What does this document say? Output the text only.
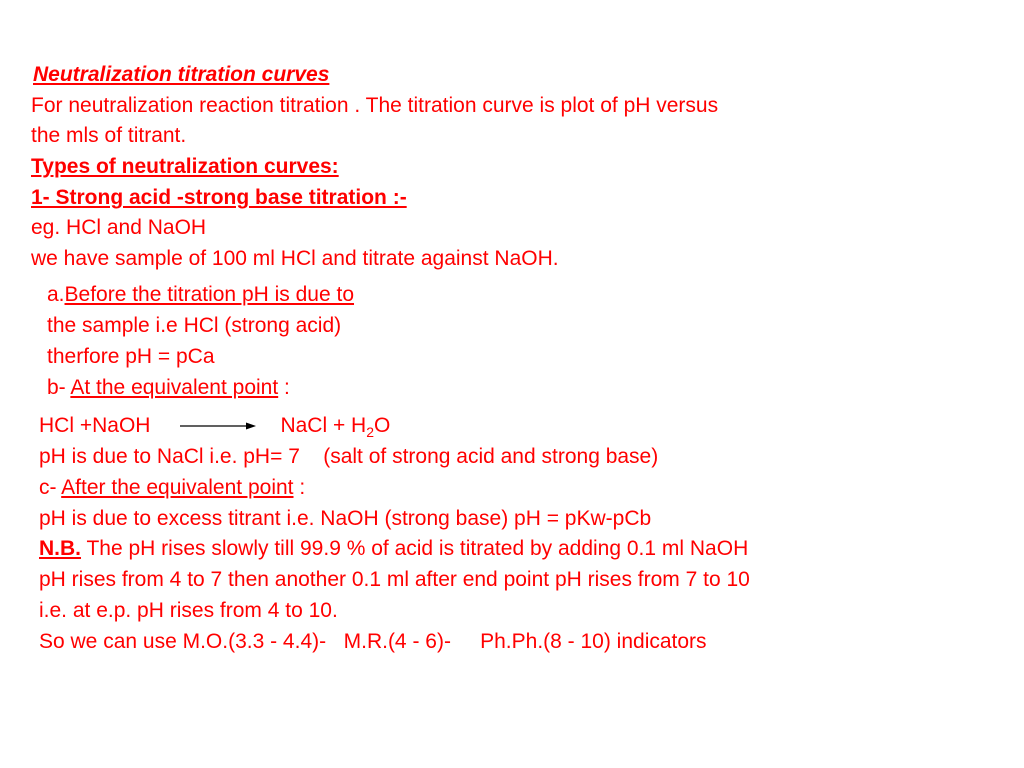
Neutralization titration curves
For neutralization reaction titration . The titration curve is plot of pH versus
the mls of titrant.
Types of neutralization curves:
1- Strong acid -strong base titration :-
eg. HCl and NaOH
we have sample of 100 ml HCl and titrate against NaOH.
a.Before the titration pH is due to
the sample i.e HCl (strong acid)
therfore pH = pCa
b- At the equivalent point :
HCl +NaOH	NaCl + $H_2O$
pH is due to NaCl i.e. pH= 7    (salt of strong acid and strong base)
c- After the equivalent point :
pH is due to excess titrant i.e. NaOH (strong base) pH = pKw-pCb
N.B. The pH rises slowly till 99.9 % of acid is titrated by adding 0.1 ml NaOH
pH rises from 4 to 7 then another 0.1 ml after end point pH rises from 7 to 10
i.e. at e.p. pH rises from 4 to 10.
So we can use M.O.(3.3 - 4.4)-   M.R.(4 - 6)-     Ph.Ph.(8 - 10) indicators
